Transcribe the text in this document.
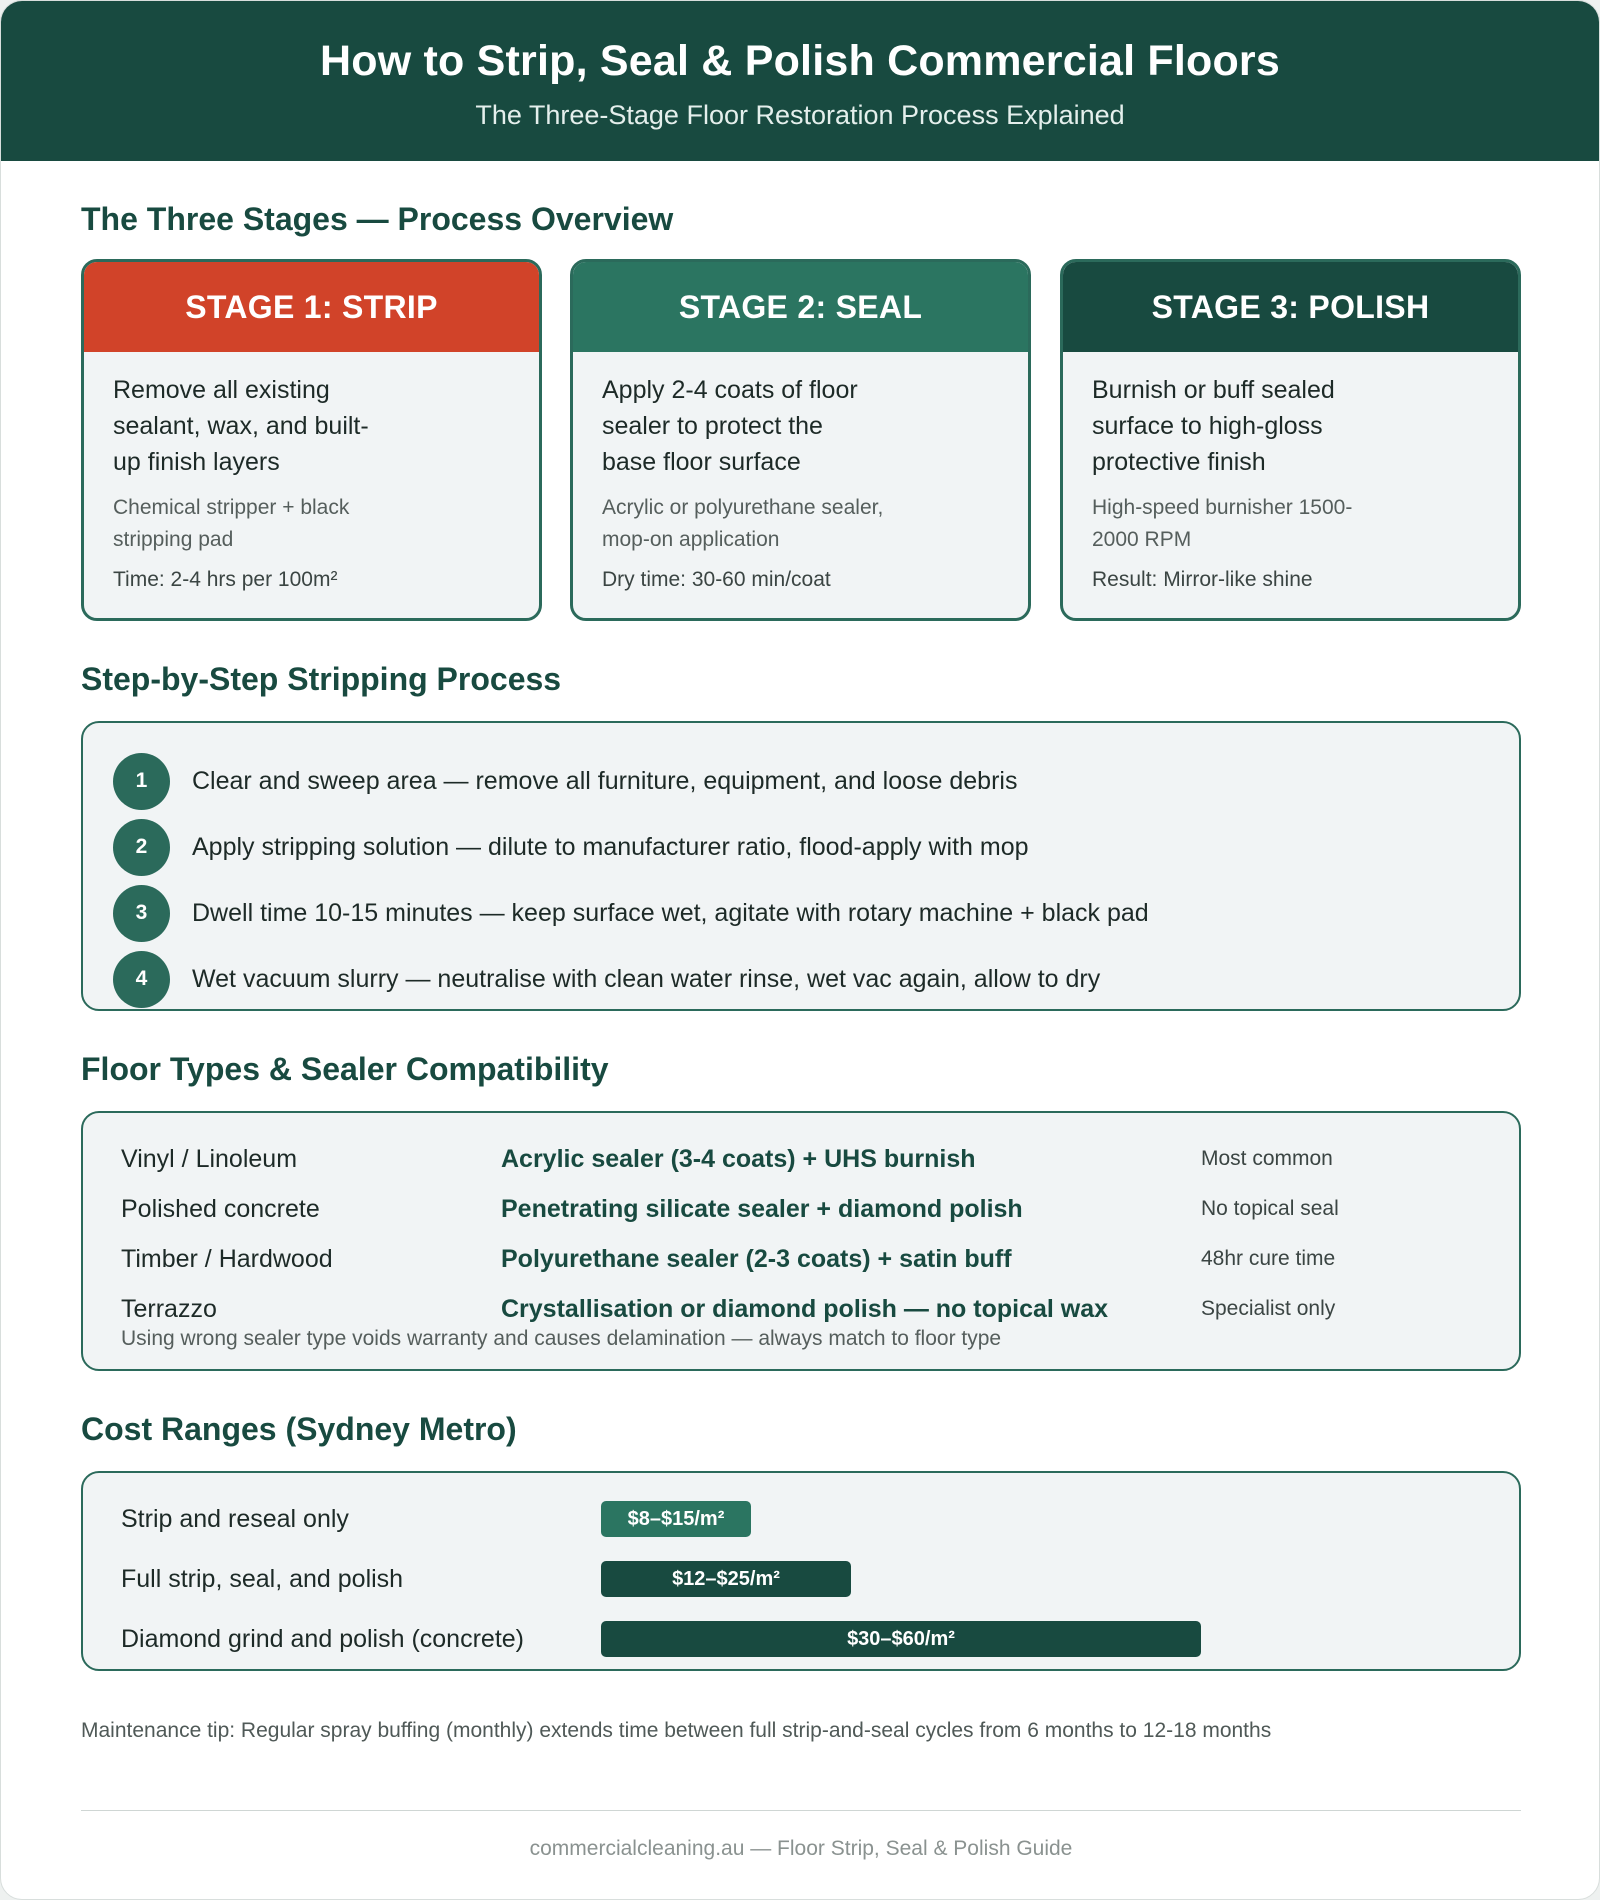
How to Strip, Seal & Polish Commercial Floors
The Three-Stage Floor Restoration Process Explained
The Three Stages — Process Overview
STAGE 1: STRIP
Remove all existing sealant, wax, and built-up finish layers
Chemical stripper + black stripping pad
Time: 2-4 hrs per 100m²
STAGE 2: SEAL
Apply 2-4 coats of floor sealer to protect the base floor surface
Acrylic or polyurethane sealer, mop-on application
Dry time: 30-60 min/coat
STAGE 3: POLISH
Burnish or buff sealed surface to high-gloss protective finish
High-speed burnisher 1500-2000 RPM
Result: Mirror-like shine
Step-by-Step Stripping Process
1	Clear and sweep area — remove all furniture, equipment, and loose debris
2	Apply stripping solution — dilute to manufacturer ratio, flood-apply with mop
3	Dwell time 10-15 minutes — keep surface wet, agitate with rotary machine + black pad
4	Wet vacuum slurry — neutralise with clean water rinse, wet vac again, allow to dry
Floor Types & Sealer Compatibility
Vinyl / Linoleum	Acrylic sealer (3-4 coats) + UHS burnish	Most common
Polished concrete	Penetrating silicate sealer + diamond polish	No topical seal
Timber / Hardwood	Polyurethane sealer (2-3 coats) + satin buff	48hr cure time
Terrazzo	Crystallisation or diamond polish — no topical wax	Specialist only
Using wrong sealer type voids warranty and causes delamination — always match to floor type
Cost Ranges (Sydney Metro)
Strip and reseal only	$8–$15/m²
Full strip, seal, and polish	$12–$25/m²
Diamond grind and polish (concrete)	$30–$60/m²
Maintenance tip: Regular spray buffing (monthly) extends time between full strip-and-seal cycles from 6 months to 12-18 months
commercialcleaning.au — Floor Strip, Seal & Polish Guide
